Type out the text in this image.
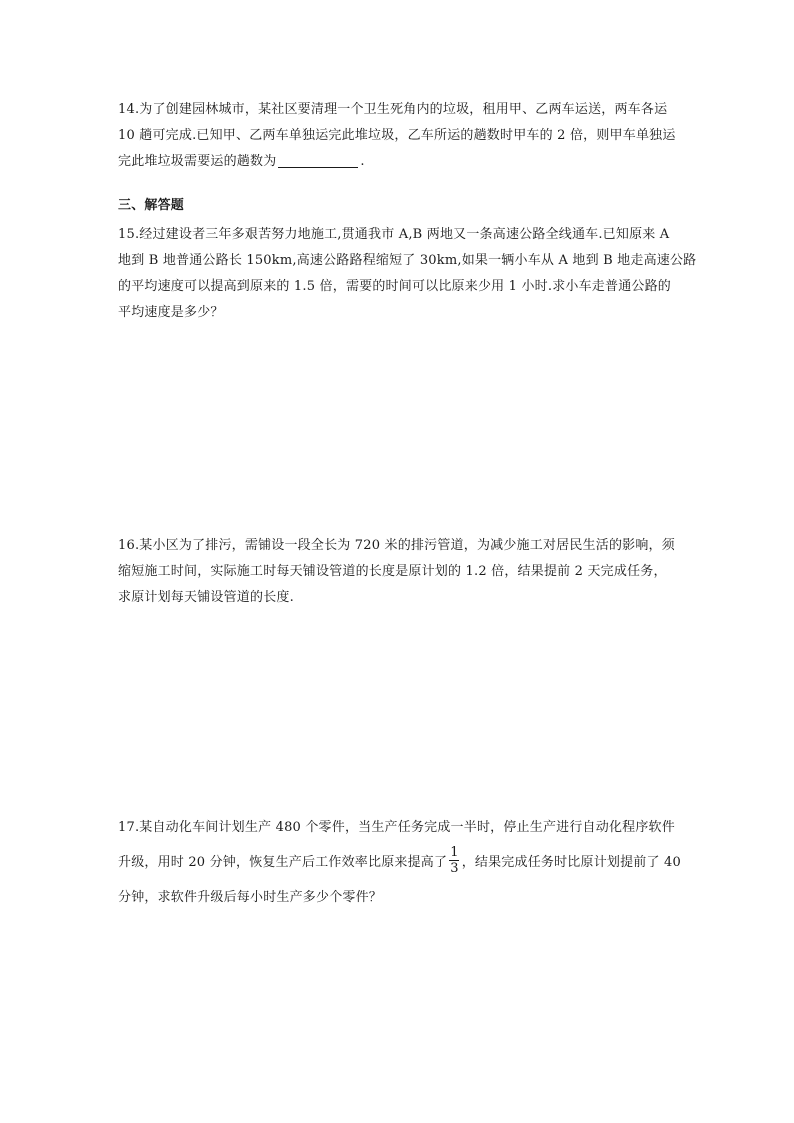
14.为了创建园林城市，某社区要清理一个卫生死角内的垃圾，租用甲、乙两车运送，两车各运
10 趟可完成.已知甲、乙两车单独运完此堆垃圾，乙车所运的趟数时甲车的 2 倍，则甲车单独运
完此堆垃圾需要运的趟数为	.
三、解答题
15.经过建设者三年多艰苦努力地施工,贯通我市 A,B 两地又一条高速公路全线通车.已知原来 A
地到 B 地普通公路长 150km,高速公路路程缩短了 30km,如果一辆小车从 A 地到 B 地走高速公路
的平均速度可以提高到原来的 1.5 倍，需要的时间可以比原来少用 1 小时.求小车走普通公路的
平均速度是多少？
16.某小区为了排污，需铺设一段全长为 720 米的排污管道，为减少施工对居民生活的影响，须
缩短施工时间，实际施工时每天铺设管道的长度是原计划的 1.2 倍，结果提前 2 天完成任务，
求原计划每天铺设管道的长度.
17.某自动化车间计划生产 480 个零件，当生产任务完成一半时，停止生产进行自动化程序软件
升级，用时 20 分钟，恢复生产后工作效率比原来提高了 $\frac{1}{3}$ ，结果完成任务时比原计划提前了 40
分钟，求软件升级后每小时生产多少个零件？
